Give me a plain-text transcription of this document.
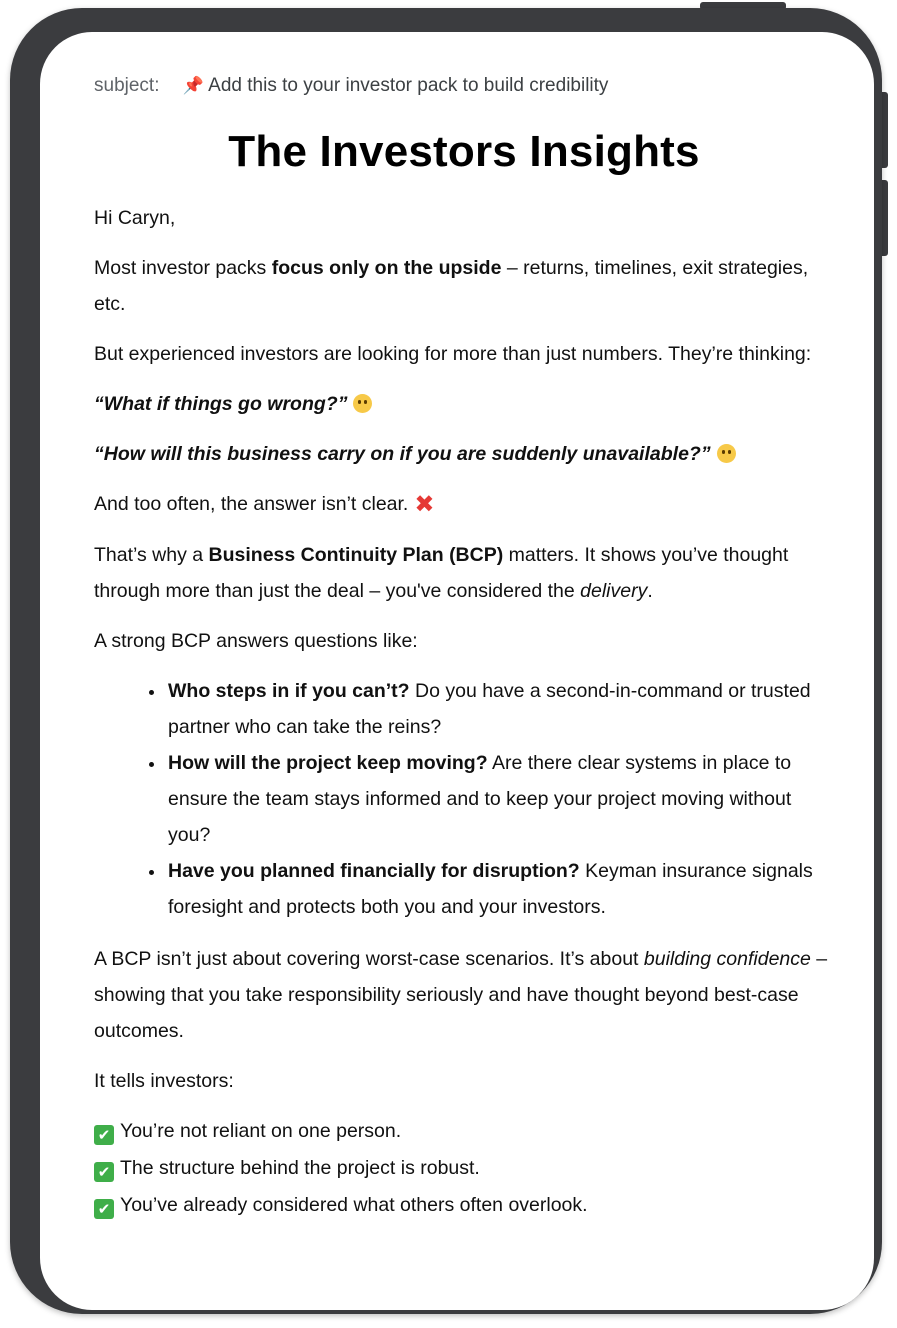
subject: 📌 Add this to your investor pack to build credibility
The Investors Insights

Hi Caryn,

Most investor packs focus only on the upside – returns, timelines, exit strategies, etc.

But experienced investors are looking for more than just numbers. They’re thinking:

“What if things go wrong?”

“How will this business carry on if you are suddenly unavailable?”

And too often, the answer isn’t clear. ✖

That’s why a Business Continuity Plan (BCP) matters. It shows you’ve thought through more than just the deal – you've considered the delivery.

A strong BCP answers questions like:

• Who steps in if you can’t? Do you have a second-in-command or trusted partner who can take the reins?
• How will the project keep moving? Are there clear systems in place to ensure the team stays informed and to keep your project moving without you?
• Have you planned financially for disruption? Keyman insurance signals foresight and protects both you and your investors.

A BCP isn’t just about covering worst-case scenarios. It’s about building confidence – showing that you take responsibility seriously and have thought beyond best-case outcomes.

It tells investors:

✔ You’re not reliant on one person.
✔ The structure behind the project is robust.
✔ You’ve already considered what others often overlook.
